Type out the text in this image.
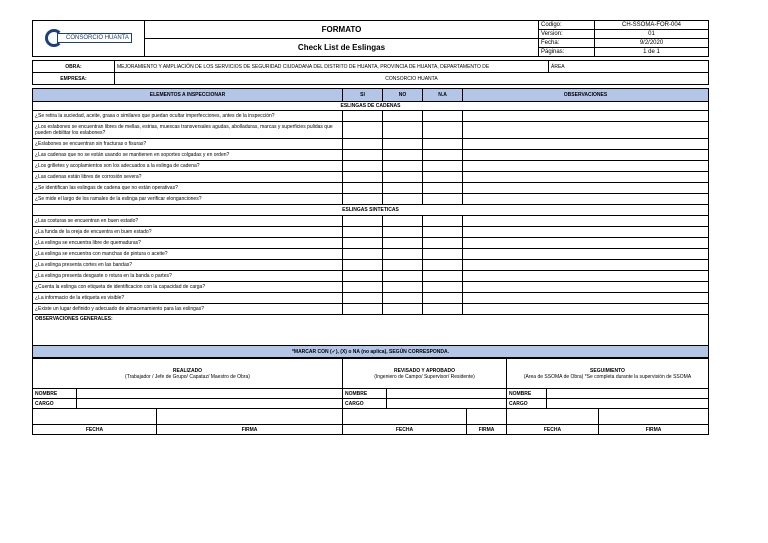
CONSORCIO HUANTA	FORMATO	Codigo:	CH-SSOMA-FOR-004
		Version:	01
	Check List de Eslingas	Fecha:	9/2/2020
		Páginas:	1 de 1
OBRA:	MEJORAMIENTO Y AMPLIACIÓN DE LOS SERVICIOS DE SEGURIDAD CIUDADANA DEL DISTRITO DE HUANTA, PROVINCIA DE HUANTA, DEPARTAMENTO DE	ÁREA
EMPRESA:	CONSORCIO HUANTA	
ELEMENTOS A INSPECCIONAR	SI	NO	N.A	OBSERVACIONES
ESLINGAS DE CADENAS				
¿Se retira la suciedad, aceite, grasa o similares que puedan ocultar imperfecciones, antes de la inspección?				
¿Los eslabones se encuentran libres de mellas, estrias, muescas transversales agudas, abolladuras, marcas y superficies pulidas que pueden debilitar los eslabones?				
¿Eslabones se encuentran sin fracturas o fisuras?				
¿Las cadenas que no se están usando se mantienen en soportes colgadas y en orden?				
¿Los grilletes y acoplamientos son los adecuados a la eslinga de cadena?				
¿Las cadenas están libres de corrosión severa?				
¿Se identifican las eslingas de cadena que no están operativas?				
¿Se mide el largo de los ramales de la eslinga par verificar elonganciones?				
ESLINGAS SINTETICAS				
¿Las costuras se encuentran en buen estado?				
¿La funda de la oreja de encuentra en buen estado?				
¿La eslinga se encuentra libre de quemaduras?				
¿La eslinga se encuentra con manchas de pintura o aceite?				
¿La eslinga presenta cortes en las bandas?				
¿La eslinga presenta desgaste o rotura en la banda o partes?				
¿Cuenta la eslinga con etiqueta de identificacion con la capacidad de carga?				
¿La informacio de la etiqueta es visible?				
¿Existe un lugar definido y adecuado de almacenamiento para las eslingas?				
OBSERVACIONES GENERALES:				

*MARCAR CON (✓), (X) o NA (no aplica), SEGÚN CORRESPONDA.				
REALIZADO
(Trabajador / Jefe de Grupo/ Capataz/ Maestro de Obra)			REVISADO Y APROBADO
(Ingeniero de Campo/ Supervisor/ Residente)			SEGUIMIENTO
(Area de SSOMA de Obra) *Se completa durante la supervisión de SSOMA		
NOMBRE			NOMBRE			NOMBRE		
CARGO			CARGO			CARGO		

FECHA		FIRMA	FECHA		FIRMA	FECHA		FIRMA
